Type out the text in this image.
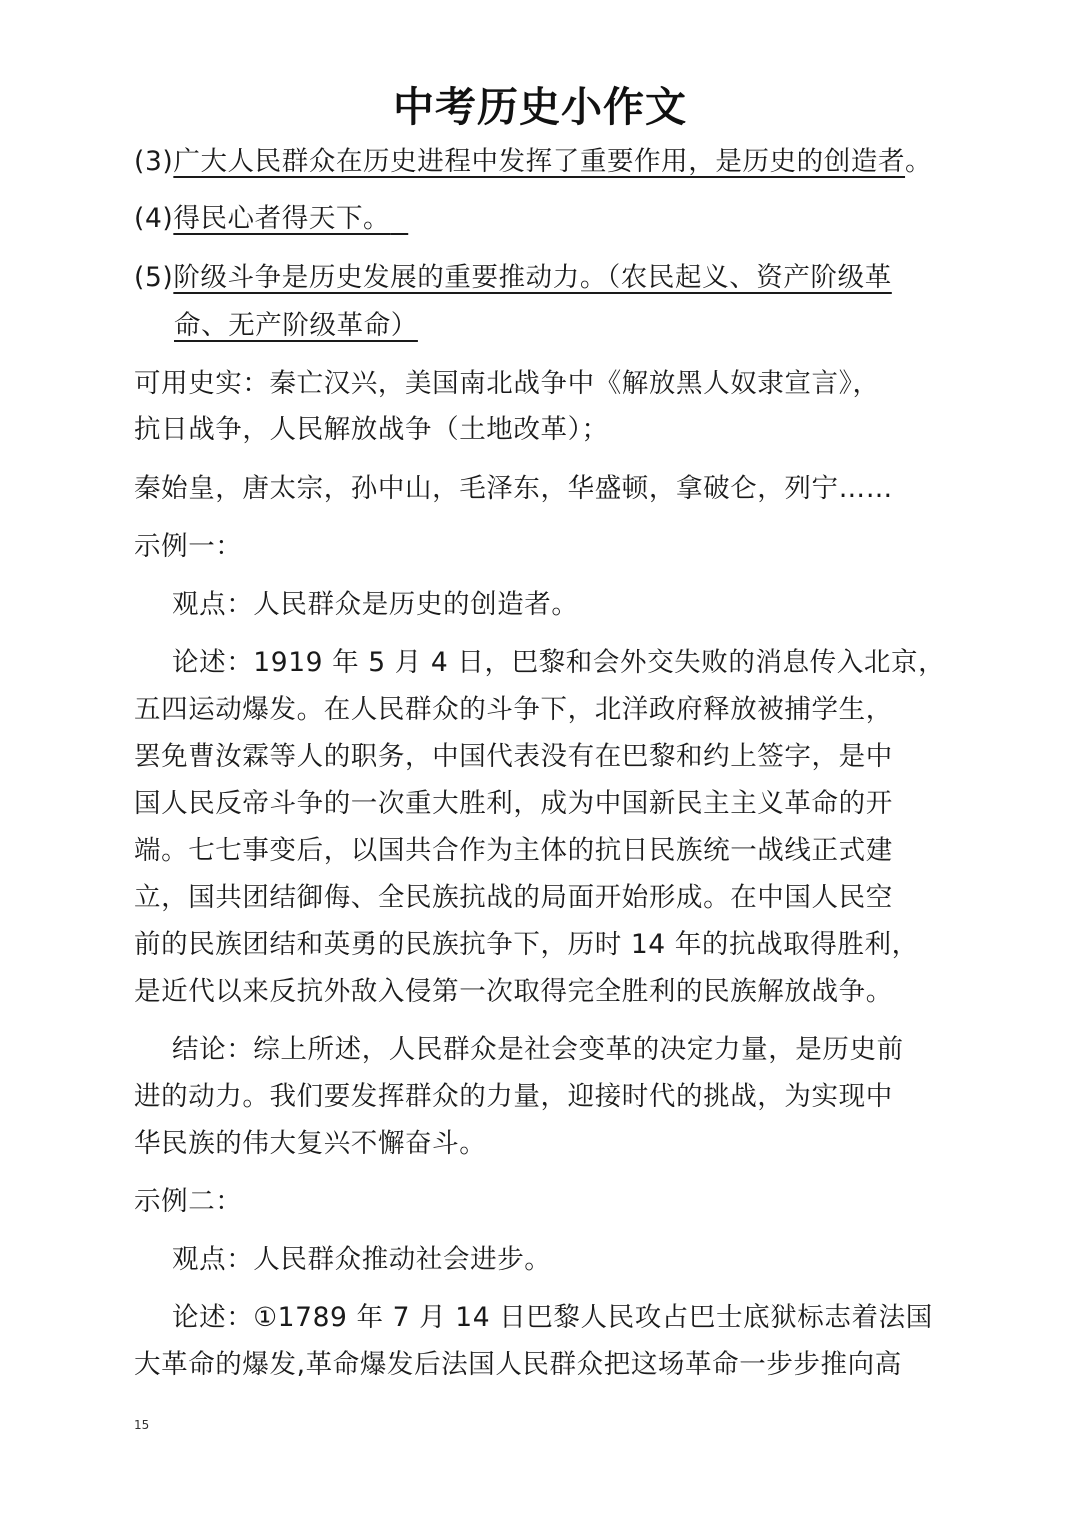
中考历史小作文
(3)广大人民群众在历史进程中发挥了重要作用，是历史的创造者。
(4)得民心者得天下。
(5)阶级斗争是历史发展的重要推动力。（农民起义、资产阶级革
命、无产阶级革命）
可用史实：秦亡汉兴，美国南北战争中《解放黑人奴隶宣言》，
抗日战争，人民解放战争（土地改革）；
秦始皇，唐太宗，孙中山，毛泽东，华盛顿，拿破仑，列宁……
示例一：
观点：人民群众是历史的创造者。
论述：1919 年 5 月 4 日，巴黎和会外交失败的消息传入北京，
五四运动爆发。在人民群众的斗争下，北洋政府释放被捕学生，
罢免曹汝霖等人的职务，中国代表没有在巴黎和约上签字，是中
国人民反帝斗争的一次重大胜利，成为中国新民主主义革命的开
端。七七事变后，以国共合作为主体的抗日民族统一战线正式建
立，国共团结御侮、全民族抗战的局面开始形成。在中国人民空
前的民族团结和英勇的民族抗争下，历时 14 年的抗战取得胜利，
是近代以来反抗外敌入侵第一次取得完全胜利的民族解放战争。
结论：综上所述，人民群众是社会变革的决定力量，是历史前
进的动力。我们要发挥群众的力量，迎接时代的挑战，为实现中
华民族的伟大复兴不懈奋斗。
示例二：
观点：人民群众推动社会进步。
论述：①1789 年 7 月 14 日巴黎人民攻占巴士底狱标志着法国
大革命的爆发,革命爆发后法国人民群众把这场革命一步步推向高
15
